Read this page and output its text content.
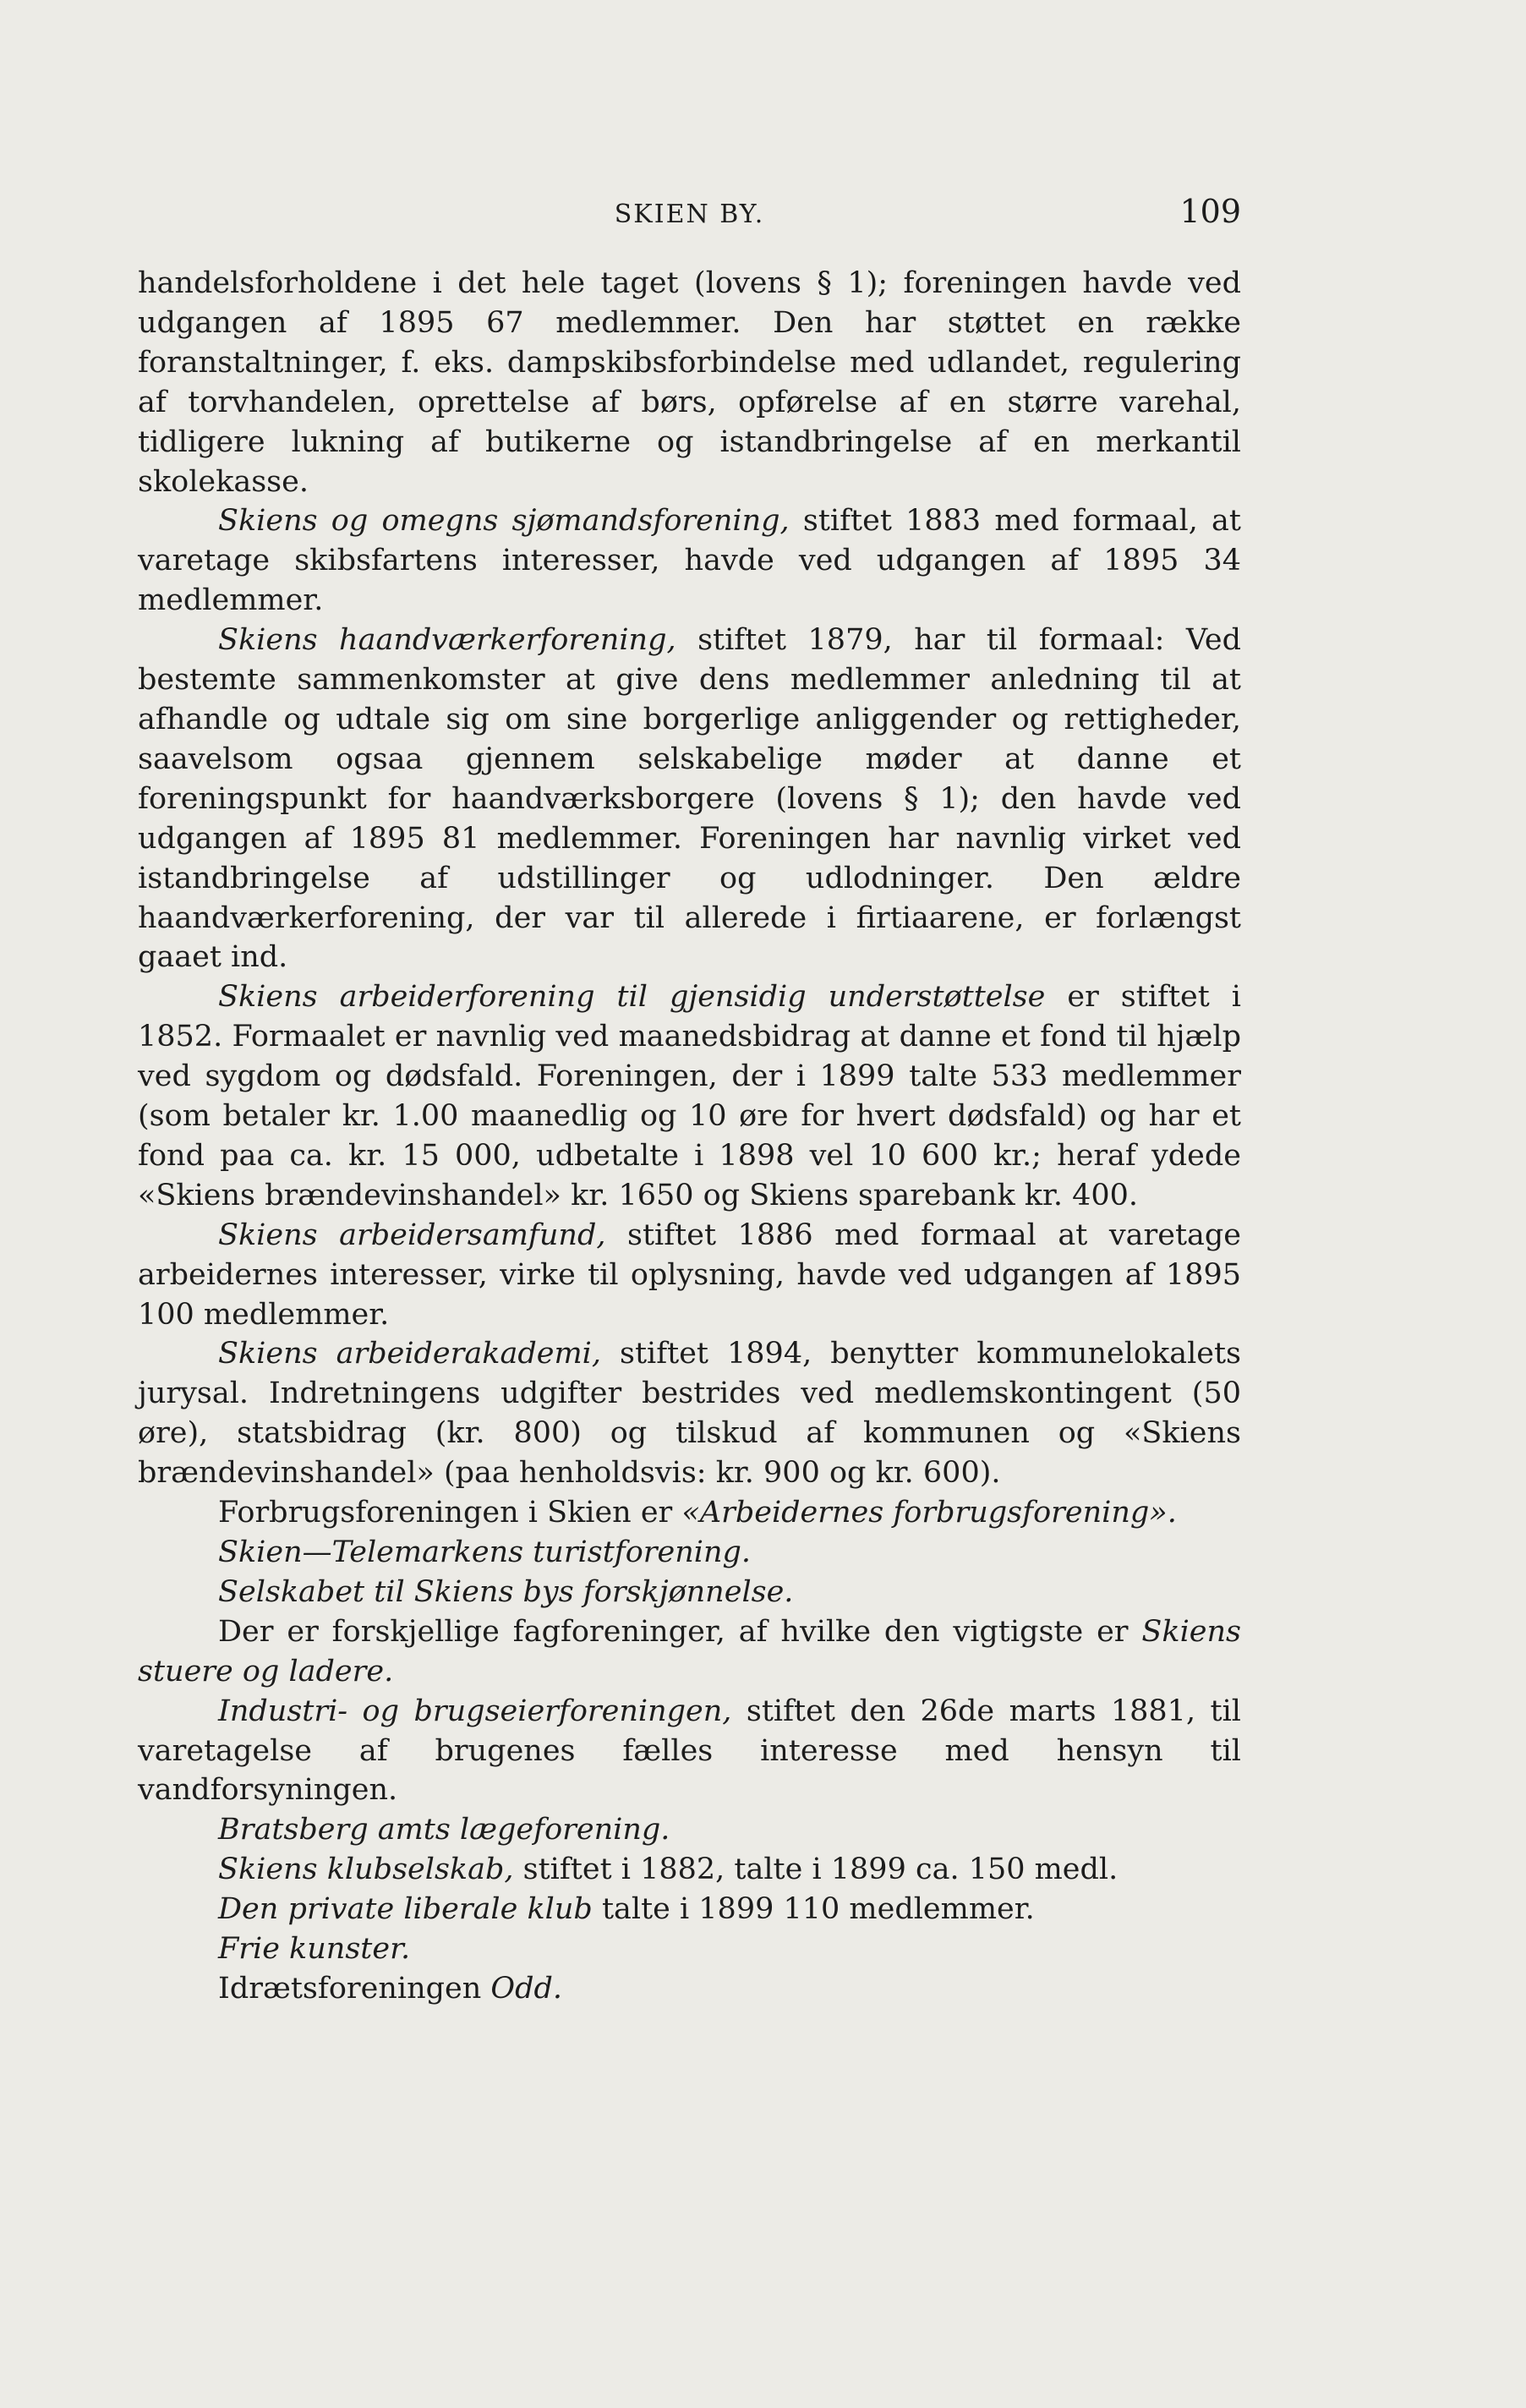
SKIEN BY.	109

handelsforholdene i det hele taget (lovens § 1); foreningen havde ved udgangen af 1895 67 medlemmer. Den har støttet en række foranstaltninger, f. eks. dampskibsforbindelse med udlandet, regulering af torvhandelen, oprettelse af børs, opførelse af en større varehal, tidligere lukning af butikerne og istandbringelse af en merkantil skolekasse.

Skiens og omegns sjømandsforening, stiftet 1883 med formaal, at varetage skibsfartens interesser, havde ved udgangen af 1895 34 medlemmer.

Skiens haandværkerforening, stiftet 1879, har til formaal: Ved bestemte sammenkomster at give dens medlemmer anledning til at afhandle og udtale sig om sine borgerlige anliggender og rettigheder, saavelsom ogsaa gjennem selskabelige møder at danne et foreningspunkt for haandværksborgere (lovens § 1); den havde ved udgangen af 1895 81 medlemmer. Foreningen har navnlig virket ved istandbringelse af udstillinger og udlodninger. Den ældre haandværkerforening, der var til allerede i firtiaarene, er forlængst gaaet ind.

Skiens arbeiderforening til gjensidig understøttelse er stiftet i 1852. Formaalet er navnlig ved maanedsbidrag at danne et fond til hjælp ved sygdom og dødsfald. Foreningen, der i 1899 talte 533 medlemmer (som betaler kr. 1.00 maanedlig og 10 øre for hvert dødsfald) og har et fond paa ca. kr. 15 000, udbetalte i 1898 vel 10 600 kr.; heraf ydede «Skiens brændevinshandel» kr. 1650 og Skiens sparebank kr. 400.

Skiens arbeidersamfund, stiftet 1886 med formaal at varetage arbeidernes interesser, virke til oplysning, havde ved udgangen af 1895 100 medlemmer.

Skiens arbeiderakademi, stiftet 1894, benytter kommunelokalets jurysal. Indretningens udgifter bestrides ved medlemskontingent (50 øre), statsbidrag (kr. 800) og tilskud af kommunen og «Skiens brændevinshandel» (paa henholdsvis: kr. 900 og kr. 600).

Forbrugsforeningen i Skien er «Arbeidernes forbrugsforening».

Skien—Telemarkens turistforening.

Selskabet til Skiens bys forskjønnelse.

Der er forskjellige fagforeninger, af hvilke den vigtigste er Skiens stuere og ladere.

Industri- og brugseierforeningen, stiftet den 26de marts 1881, til varetagelse af brugenes fælles interesse med hensyn til vandforsyningen.

Bratsberg amts lægeforening.

Skiens klubselskab, stiftet i 1882, talte i 1899 ca. 150 medl.

Den private liberale klub talte i 1899 110 medlemmer.

Frie kunster.

Idrætsforeningen Odd.
